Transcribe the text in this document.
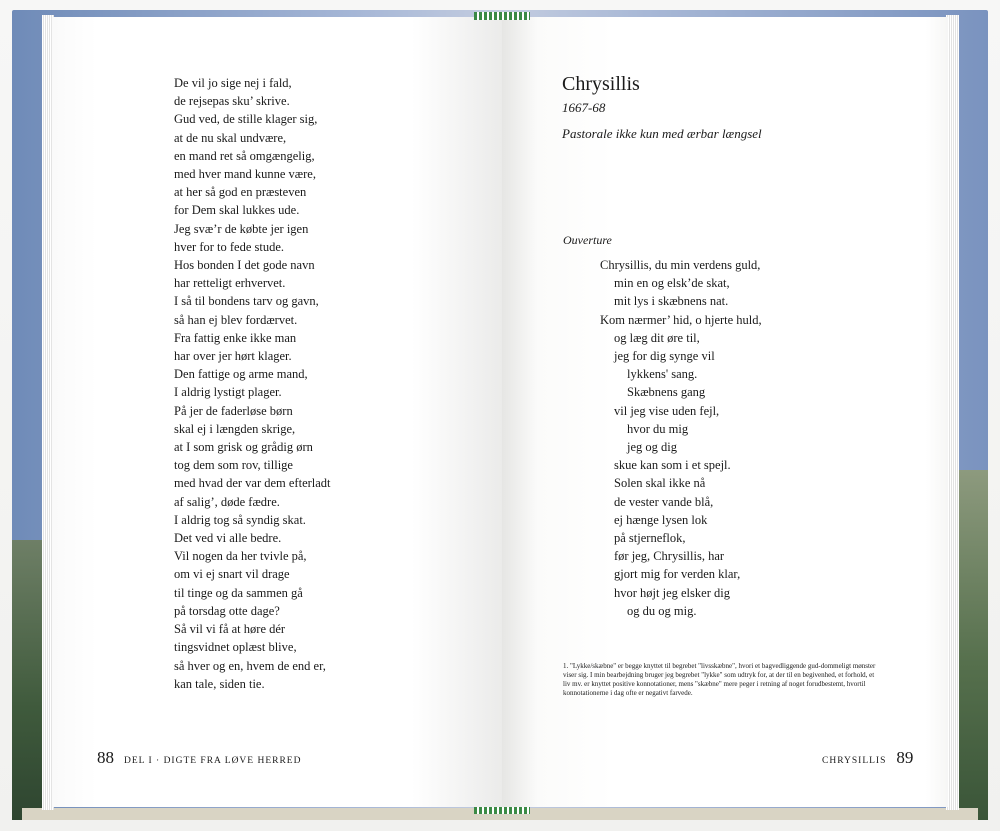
De vil jo sige nej i fald,
de rejsepas sku’ skrive.
Gud ved, de stille klager sig,
at de nu skal undvære,
en mand ret så omgængelig,
med hver mand kunne være,
at her så god en præsteven
for Dem skal lukkes ude.
Jeg svæ’r de købte jer igen
hver for to fede stude.
Hos bonden I det gode navn
har retteligt erhvervet.
I så til bondens tarv og gavn,
så han ej blev fordærvet.
Fra fattig enke ikke man
har over jer hørt klager.
Den fattige og arme mand,
I aldrig lystigt plager.
På jer de faderløse børn
skal ej i længden skrige,
at I som grisk og grådig ørn
tog dem som rov, tillige
med hvad der var dem efterladt
af salig’, døde fædre.
I aldrig tog så syndig skat.
Det ved vi alle bedre.
Vil nogen da her tvivle på,
om vi ej snart vil drage
til tinge og da sammen gå
på torsdag otte dage?
Så vil vi få at høre dér
tingsvidnet oplæst blive,
så hver og en, hvem de end er,
kan tale, siden tie.
88 DEL I · DIGTE FRA LØVE HERRED
Chrysillis
1667-68
Pastorale ikke kun med ærbar længsel
Ouverture
Chrysillis, du min verdens guld,
min en og elsk’de skat,
mit lys i skæbnens nat.
Kom nærmer’ hid, o hjerte huld,
og læg dit øre til,
jeg for dig synge vil
lykkens' sang.
Skæbnens gang
vil jeg vise uden fejl,
hvor du mig
jeg og dig
skue kan som i et spejl.
Solen skal ikke nå
de vester vande blå,
ej hænge lysen lok
på stjerneflok,
før jeg, Chrysillis, har
gjort mig for verden klar,
hvor højt jeg elsker dig
og du og mig.
1. "Lykke/skæbne" er begge knyttet til begrebet "livsskæbne", hvori et bagvedliggende gud-dommeligt mønster viser sig. I min bearbejdning bruger jeg begrebet "lykke" som udtryk for, at der til en begivenhed, et forhold, et liv mv. er knyttet positive konnotationer, mens "skæbne" mere peger i retning af noget forudbestemt, hvortil konnotationerne i dag ofte er negativt farvede.
CHRYSILLIS 89
